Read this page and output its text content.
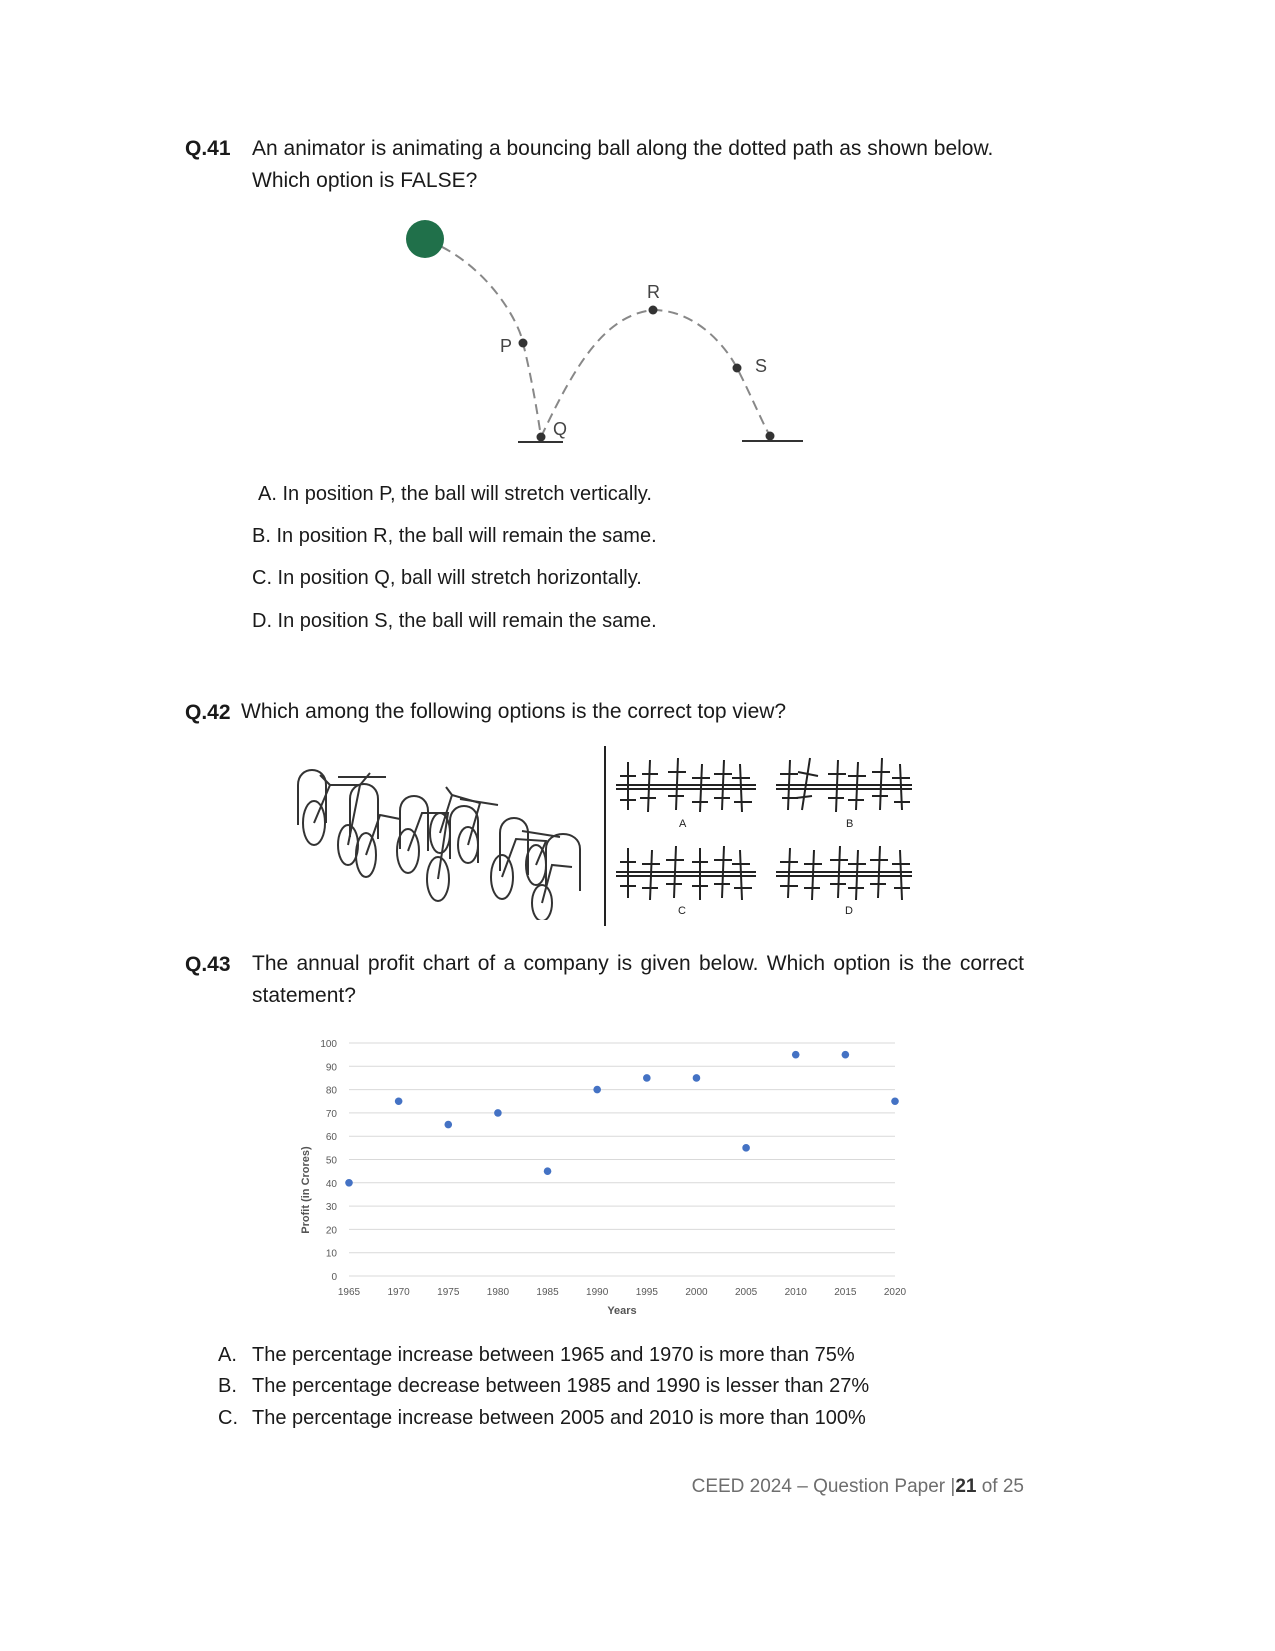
Q.41 An animator is animating a bouncing ball along the dotted path as shown below. Which option is FALSE?
P
Q
R
S
A. In position P, the ball will stretch vertically.
B. In position R, the ball will remain the same.
C. In position Q, ball will stretch horizontally.
D. In position S, the ball will remain the same.
Q.42 Which among the following options is the correct top view?
A	B
C	D
Q.43 The annual profit chart of a company is given below. Which option is the correct statement?
0
10
20
30
40
50
60
70
80
90
100
1965	1970	1975	1980	1985	1990	1995	2000	2005	2010	2015	2020
Profit (in Crores)
Years
A. The percentage increase between 1965 and 1970 is more than 75%
B. The percentage decrease between 1985 and 1990 is lesser than 27%
C. The percentage increase between 2005 and 2010 is more than 100%
CEED 2024 – Question Paper |21 of 25
